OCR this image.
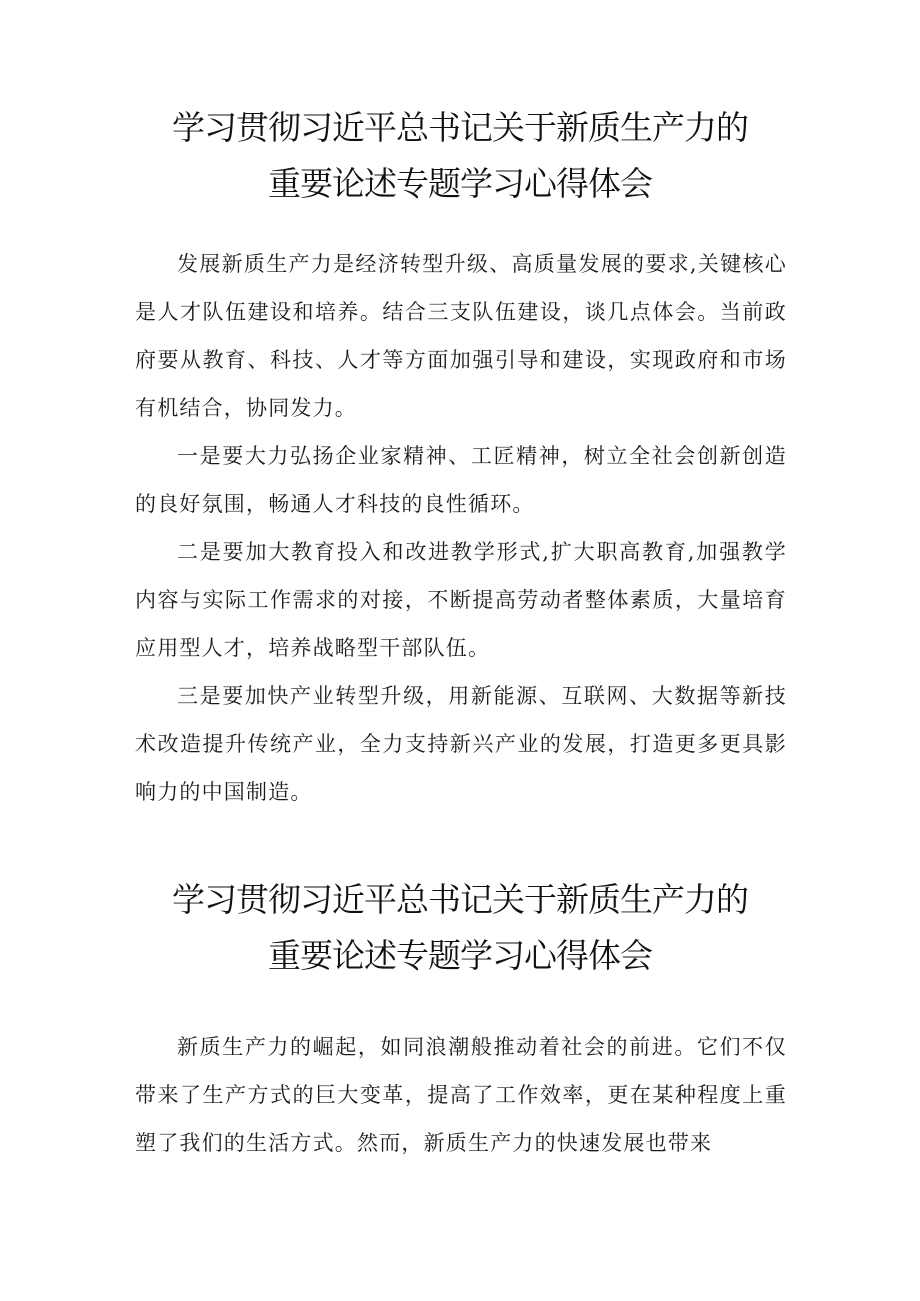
学习贯彻习近平总书记关于新质生产力的
重要论述专题学习心得体会

发展新质生产力是经济转型升级、高质量发展的要求,关键核心是人才队伍建设和培养。结合三支队伍建设，谈几点体会。当前政府要从教育、科技、人才等方面加强引导和建设，实现政府和市场有机结合，协同发力。

一是要大力弘扬企业家精神、工匠精神，树立全社会创新创造的良好氛围，畅通人才科技的良性循环。

二是要加大教育投入和改进教学形式,扩大职高教育,加强教学内容与实际工作需求的对接，不断提高劳动者整体素质，大量培育应用型人才，培养战略型干部队伍。

三是要加快产业转型升级，用新能源、互联网、大数据等新技术改造提升传统产业，全力支持新兴产业的发展，打造更多更具影响力的中国制造。

学习贯彻习近平总书记关于新质生产力的
重要论述专题学习心得体会

新质生产力的崛起，如同浪潮般推动着社会的前进。它们不仅带来了生产方式的巨大变革，提高了工作效率，更在某种程度上重塑了我们的生活方式。然而，新质生产力的快速发展也带来
